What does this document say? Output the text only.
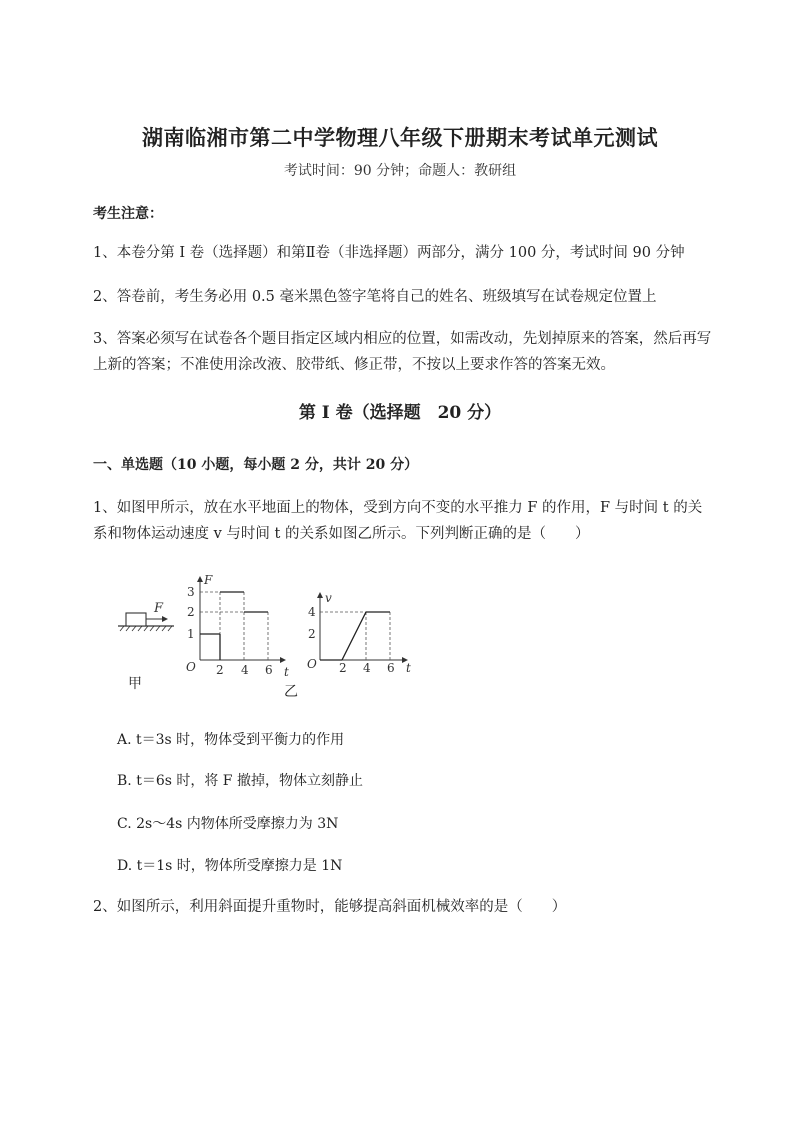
湖南临湘市第二中学物理八年级下册期末考试单元测试
考试时间：90 分钟；命题人：教研组
考生注意：
1、本卷分第 I 卷（选择题）和第Ⅱ卷（非选择题）两部分，满分 100 分，考试时间 90 分钟
2、答卷前，考生务必用 0.5 毫米黑色签字笔将自己的姓名、班级填写在试卷规定位置上
3、答案必须写在试卷各个题目指定区域内相应的位置，如需改动，先划掉原来的答案，然后再写上新的答案；不准使用涂改液、胶带纸、修正带，不按以上要求作答的答案无效。
第 I 卷（选择题　20 分）
一、单选题（10 小题，每小题 2 分，共计 20 分）
1、如图甲所示，放在水平地面上的物体，受到方向不变的水平推力 F 的作用，F 与时间 t 的关系和物体运动速度 v 与时间 t 的关系如图乙所示。下列判断正确的是（　　）
F
甲
F
t
O
1
2
3
2 4 6
乙
v
t
O
2
4
2 4 6
A. t＝3s 时，物体受到平衡力的作用
B. t＝6s 时，将 F 撤掉，物体立刻静止
C. 2s～4s 内物体所受摩擦力为 3N
D. t＝1s 时，物体所受摩擦力是 1N
2、如图所示，利用斜面提升重物时，能够提高斜面机械效率的是（　　）
